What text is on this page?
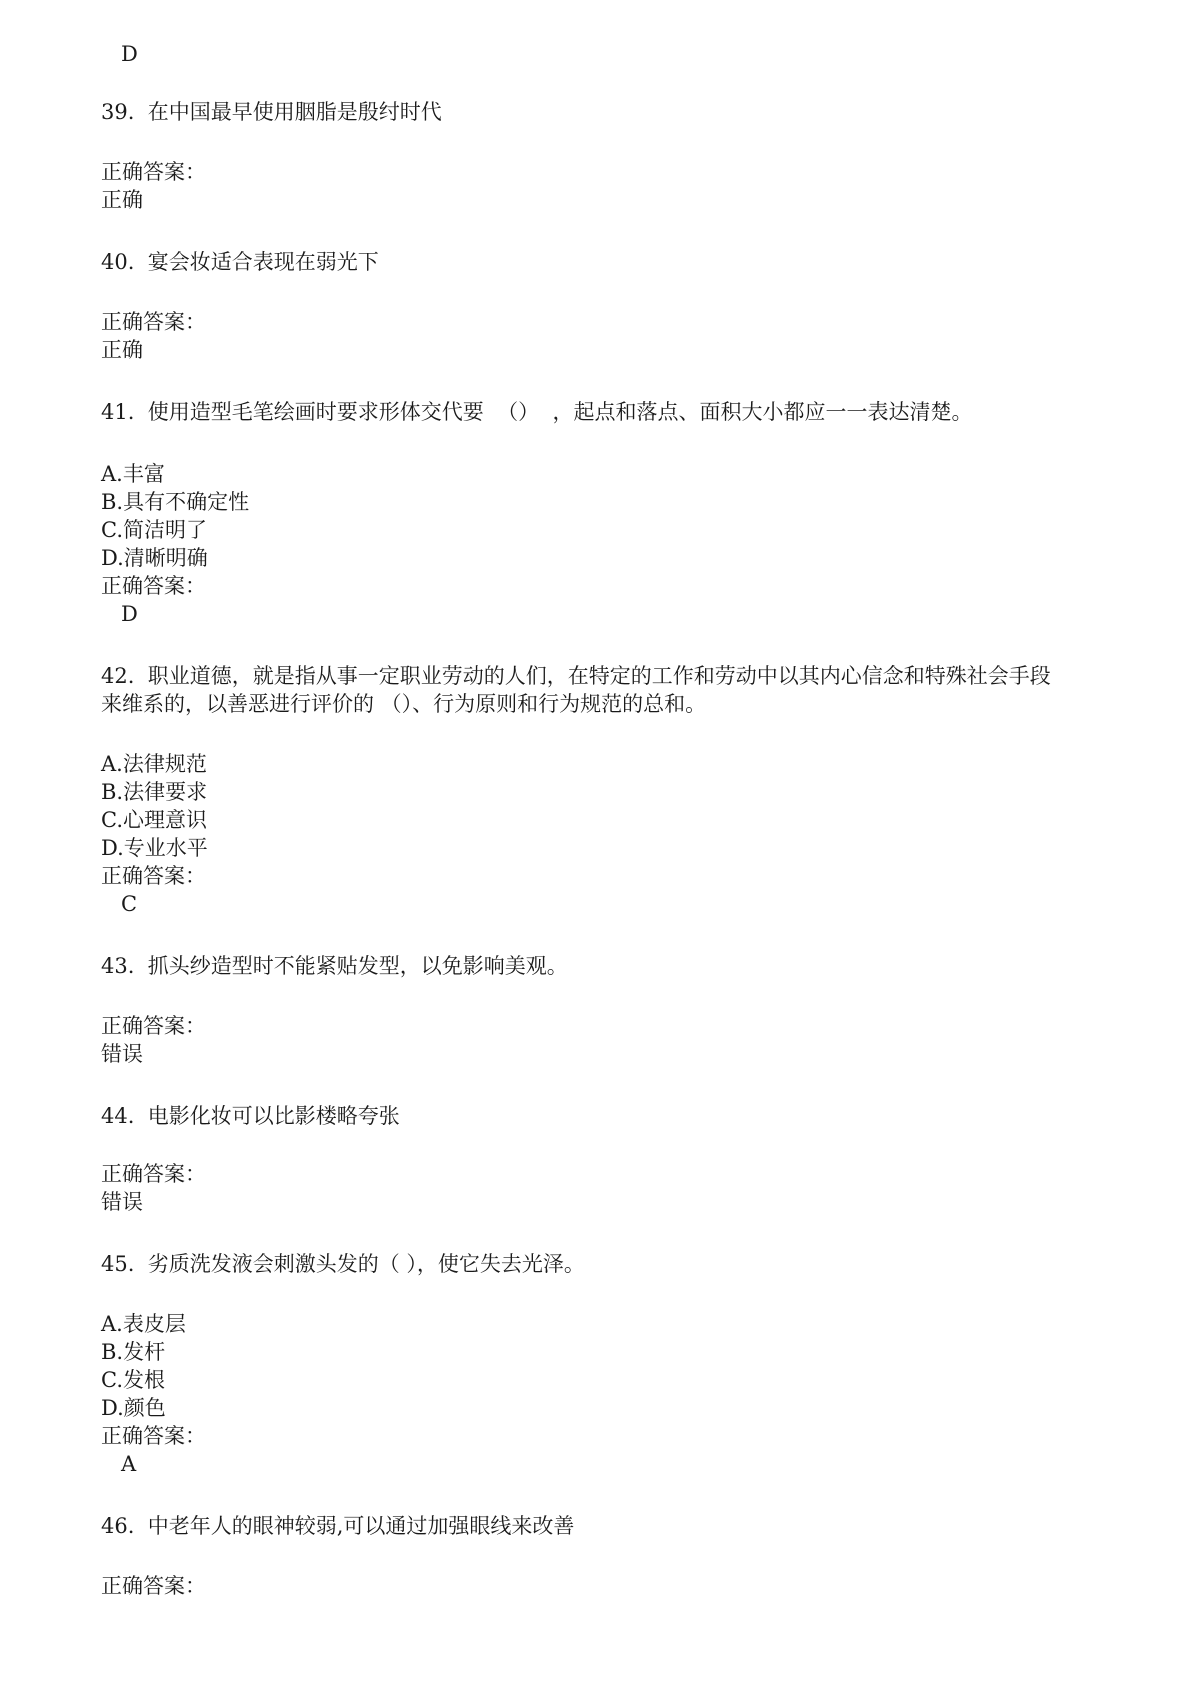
D
39.  在中国最早使用胭脂是殷纣时代
正确答案：
正确
40.  宴会妆适合表现在弱光下
正确答案：
正确
41.  使用造型毛笔绘画时要求形体交代要  （）  ，起点和落点、面积大小都应一一表达清楚。
A.丰富
B.具有不确定性
C.简洁明了
D.清晰明确
正确答案：
D
42.  职业道德，就是指从事一定职业劳动的人们，在特定的工作和劳动中以其内心信念和特殊社会手段
来维系的，以善恶进行评价的 （）、行为原则和行为规范的总和。
A.法律规范
B.法律要求
C.心理意识
D.专业水平
正确答案：
C
43.  抓头纱造型时不能紧贴发型，以免影响美观。
正确答案：
错误
44.  电影化妆可以比影楼略夸张
正确答案：
错误
45.  劣质洗发液会刺激头发的（ ），使它失去光泽。
A.表皮层
B.发杆
C.发根
D.颜色
正确答案：
A
46.  中老年人的眼神较弱,可以通过加强眼线来改善
正确答案：
